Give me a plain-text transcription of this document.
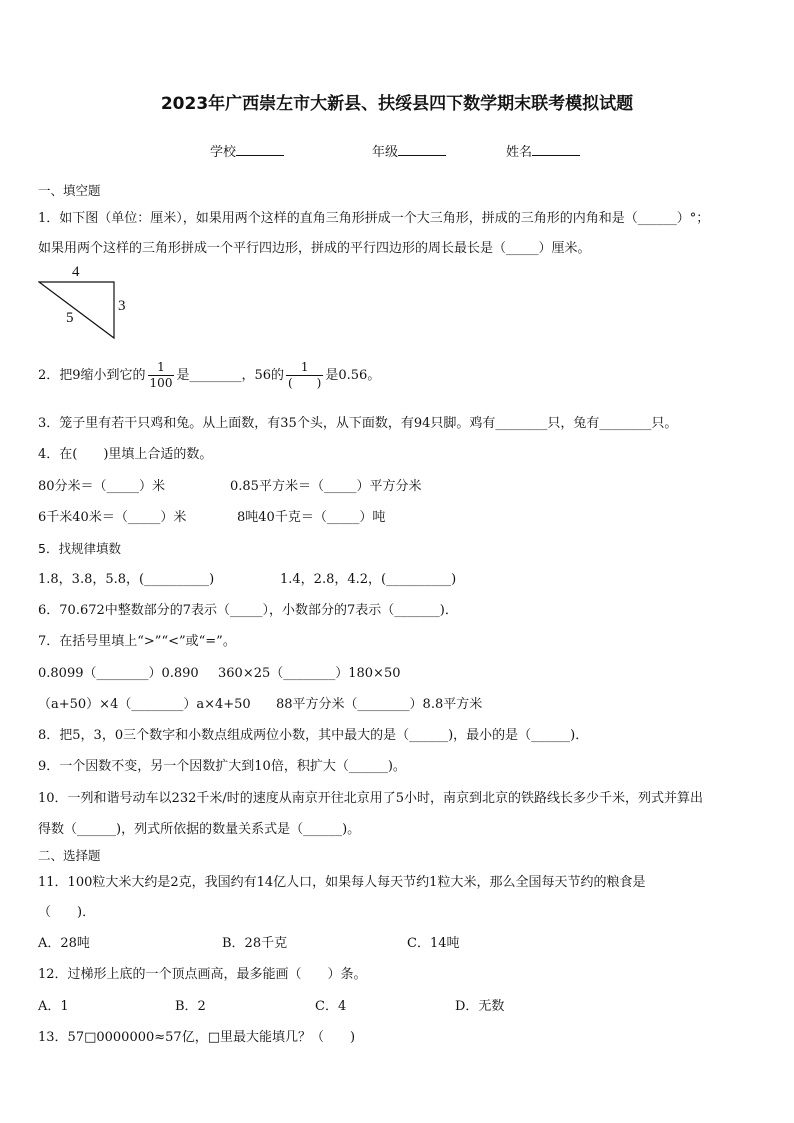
2023年广西崇左市大新县、扶绥县四下数学期末联考模拟试题
学校	年级	姓名
一、填空题
1．如下图（单位：厘米），如果用两个这样的直角三角形拼成一个大三角形，拼成的三角形的内角和是（______）°；
如果用两个这样的三角形拼成一个平行四边形，拼成的平行四边形的周长最长是（_____）厘米。
4
3
5
2．把9缩小到它的 $\frac{1}{100}$ 是________，56的 $\frac{1}{( )}$ 是0.56。
3．笼子里有若干只鸡和兔。从上面数，有35个头，从下面数，有94只脚。鸡有________只，兔有________只。
4．在(　　)里填上合适的数。
80分米＝（_____）米	0.85平方米＝（_____）平方分米
6千米40米＝（_____）米	8吨40千克＝（_____）吨
5．找规律填数
1.8，3.8，5.8，(__________)	1.4，2.8，4.2，(__________)
6．70.672中整数部分的7表示（_____），小数部分的7表示（_______)．
7．在括号里填上“>”“<”或“=”。
0.8099（________）0.890 360×25（________）180×50
（a+50）×4（________）a×4+50 88平方分米（________）8.8平方米
8．把5，3，0三个数字和小数点组成两位小数，其中最大的是（______)，最小的是（______)．
9．一个因数不变，另一个因数扩大到10倍，积扩大（______)。
10．一列和谐号动车以232千米/时的速度从南京开往北京用了5小时，南京到北京的铁路线长多少千米，列式并算出
得数（______)，列式所依据的数量关系式是（______)。
二、选择题
11．100粒大米大约是2克，我国约有14亿人口，如果每人每天节约1粒大米，那么全国每天节约的粮食是
（　　)．
A．28吨	B．28千克	C．14吨
12．过梯形上底的一个顶点画高，最多能画（　　）条。
A．1	B．2	C．4	D．无数
13．57□0000000≈57亿，□里最大能填几？（　　)
